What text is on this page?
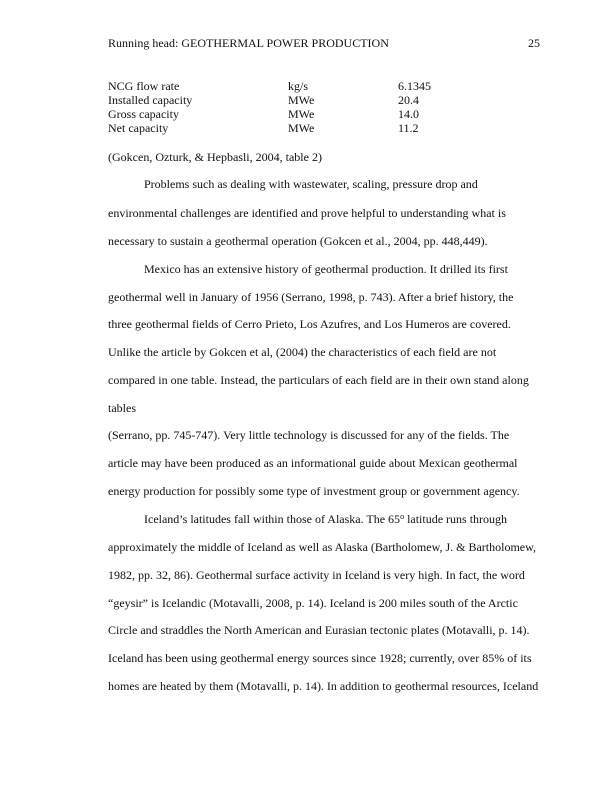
Running head: GEOTHERMAL POWER PRODUCTION	25
NCG flow rate	kg/s	6.1345
Installed capacity	MWe	20.4
Gross capacity	MWe	14.0
Net capacity	MWe	11.2
(Gokcen, Ozturk, & Hepbasli, 2004, table 2)
Problems such as dealing with wastewater, scaling, pressure drop and
environmental challenges are identified and prove helpful to understanding what is
necessary to sustain a geothermal operation (Gokcen et al., 2004, pp. 448,449).
Mexico has an extensive history of geothermal production. It drilled its first
geothermal well in January of 1956 (Serrano, 1998, p. 743). After a brief history, the
three geothermal fields of Cerro Prieto, Los Azufres, and Los Humeros are covered.
Unlike the article by Gokcen et al, (2004) the characteristics of each field are not
compared in one table. Instead, the particulars of each field are in their own stand along
tables
(Serrano, pp. 745-747). Very little technology is discussed for any of the fields. The
article may have been produced as an informational guide about Mexican geothermal
energy production for possibly some type of investment group or government agency.
Iceland’s latitudes fall within those of Alaska. The 65$^o$ latitude runs through
approximately the middle of Iceland as well as Alaska (Bartholomew, J. & Bartholomew,
1982, pp. 32, 86). Geothermal surface activity in Iceland is very high. In fact, the word
“geysir” is Icelandic (Motavalli, 2008, p. 14). Iceland is 200 miles south of the Arctic
Circle and straddles the North American and Eurasian tectonic plates (Motavalli, p. 14).
Iceland has been using geothermal energy sources since 1928; currently, over 85% of its
homes are heated by them (Motavalli, p. 14). In addition to geothermal resources, Iceland
